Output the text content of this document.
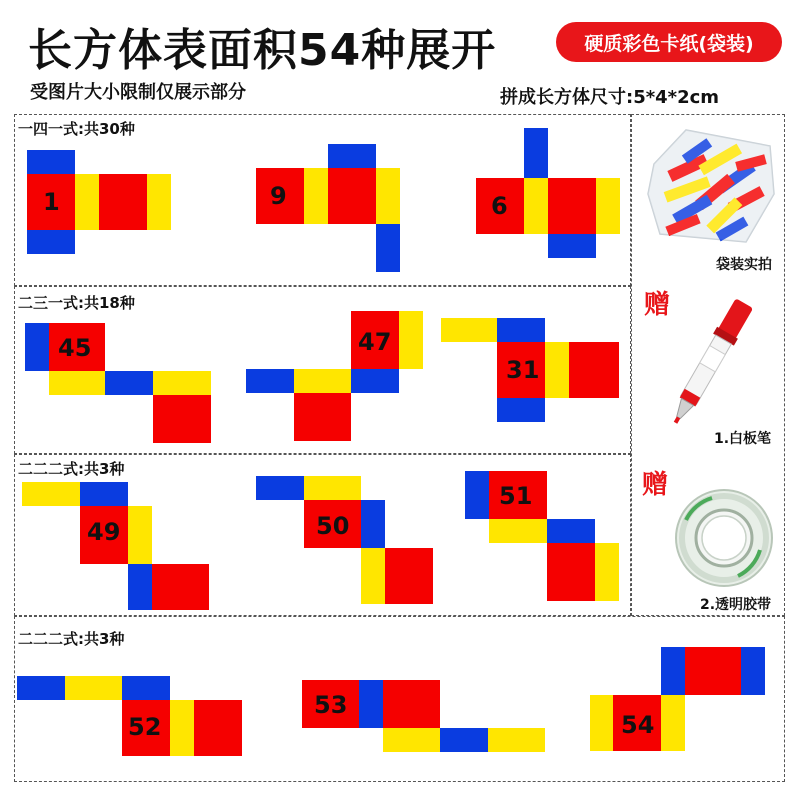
长方体表面积54种展开	硬质彩色卡纸(袋装)
受图片大小限制仅展示部分	拼成长方体尺寸:5*4*2cm
一四一式:共30种
二三一式:共18种
二二二式:共3种
二二二式:共3种
1	9	6
45	47
31
49	50
51
52
53
54
袋装实拍
赠
1.白板笔
赠
2.透明胶带
